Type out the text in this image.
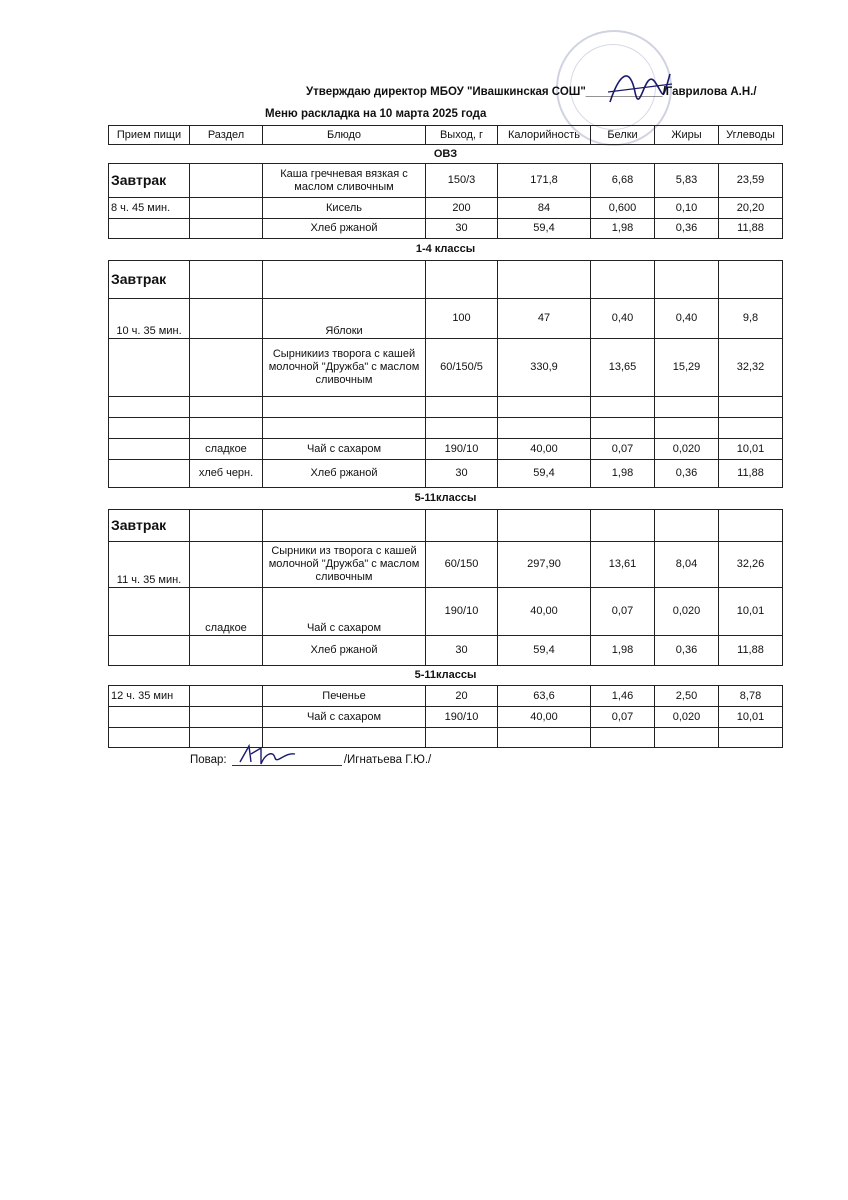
Утверждаю директор МБОУ "Ивашкинская СОШ"____________/Гаврилова А.Н./
Меню раскладка на 10 марта 2025 года
Прием пищи	Раздел	Блюдо	Выход, г	Калорийность	Белки	Жиры	Углеводы
ОВЗ							
Завтрак		Каша гречневая вязкая с маслом сливочным	150/3	171,8	6,68	5,83	23,59
8 ч. 45 мин.		Кисель	200	84	0,600	0,10	20,20
		Хлеб ржаной	30	59,4	1,98	0,36	11,88
1-4 классы							
Завтрак							
10 ч. 35 мин.		Яблоки	100	47	0,40	0,40	9,8
		Сырникииз творога с кашей молочной "Дружба" с маслом сливочным	60/150/5	330,9	13,65	15,29	32,32

	сладкое	Чай с сахаром	190/10	40,00	0,07	0,020	10,01
	хлеб черн.	Хлеб ржаной	30	59,4	1,98	0,36	11,88
5-11классы							
Завтрак							
11 ч. 35 мин.		Сырники из творога с кашей молочной "Дружба" с маслом сливочным	60/150	297,90	13,61	8,04	32,26
	сладкое	Чай с сахаром	190/10	40,00	0,07	0,020	10,01
		Хлеб ржаной	30	59,4	1,98	0,36	11,88
5-11классы							
12 ч. 35 мин		Печенье	20	63,6	1,46	2,50	8,78
		Чай с сахаром	190/10	40,00	0,07	0,020	10,01

Повар:	/Игнатьева Г.Ю./
